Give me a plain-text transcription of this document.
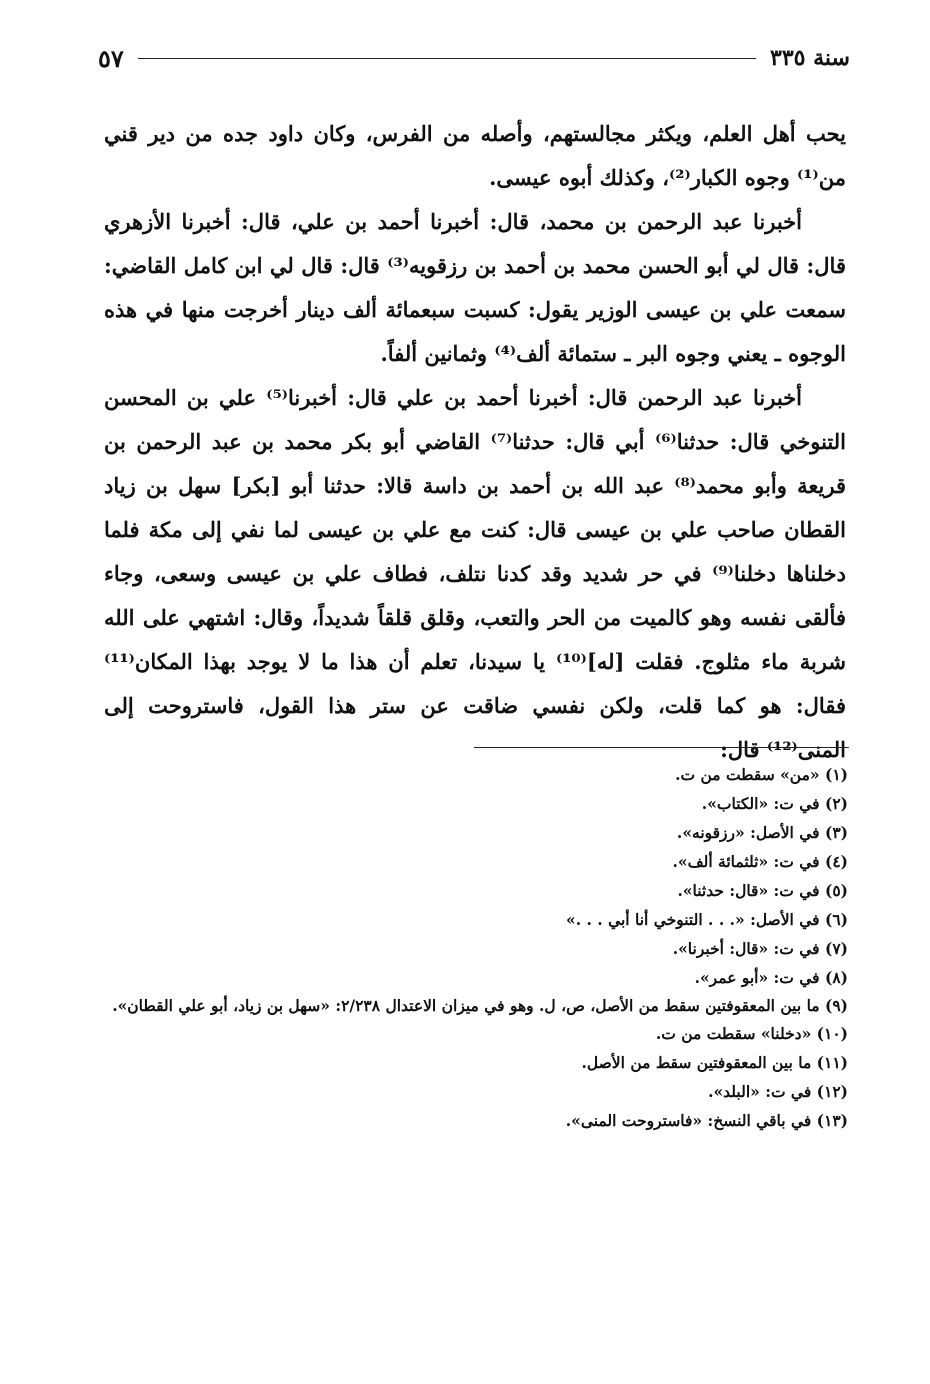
سنة ٣٣٥
٥٧

يحب أهل العلم، ويكثر مجالستهم، وأصله من الفرس، وكان داود جده من دير قني من⁽¹⁾ وجوه الكبار⁽²⁾، وكذلك أبوه عيسى.

أخبرنا عبد الرحمن بن محمد، قال: أخبرنا أحمد بن علي، قال: أخبرنا الأزهري قال: قال لي أبو الحسن محمد بن أحمد بن رزقويه⁽³⁾ قال: قال لي ابن كامل القاضي: سمعت علي بن عيسى الوزير يقول: كسبت سبعمائة ألف دينار أخرجت منها في هذه الوجوه ـ يعني وجوه البر ـ ستمائة ألف⁽⁴⁾ وثمانين ألفاً.

أخبرنا عبد الرحمن قال: أخبرنا أحمد بن علي قال: أخبرنا⁽⁵⁾ علي بن المحسن التنوخي قال: حدثنا⁽⁶⁾ أبي قال: حدثنا⁽⁷⁾ القاضي أبو بكر محمد بن عبد الرحمن بن قريعة وأبو محمد⁽⁸⁾ عبد الله بن أحمد بن داسة قالا: حدثنا أبو [بكر] سهل بن زياد القطان صاحب علي بن عيسى قال: كنت مع علي بن عيسى لما نفي إلى مكة فلما دخلناها دخلنا⁽⁹⁾ في حر شديد وقد كدنا نتلف، فطاف علي بن عيسى وسعى، وجاء فألقى نفسه وهو كالميت من الحر والتعب، وقلق قلقاً شديداً، وقال: اشتهي على الله شربة ماء مثلوج. فقلت [له]⁽¹⁰⁾ يا سيدنا، تعلم أن هذا ما لا يوجد بهذا المكان⁽¹¹⁾ فقال: هو كما قلت، ولكن نفسي ضاقت عن ستر هذا القول، فاستروحت إلى المنى⁽¹²⁾ قال:

(١) «من» سقطت من ت.

(٢) في ت: «الكتاب».

(٣) في الأصل: «رزقونه».

(٤) في ت: «ثلثمائة ألف».

(٥) في ت: «قال: حدثنا».

(٦) في الأصل: «. . . التنوخي أنا أبي . . .»

(٧) في ت: «قال: أخبرنا».

(٨) في ت: «أبو عمر».

(٩) ما بين المعقوفتين سقط من الأصل، ص، ل. وهو في ميزان الاعتدال ٢/٢٣٨: «سهل بن زياد، أبو علي القطان».

(١٠) «دخلنا» سقطت من ت.

(١١) ما بين المعقوفتين سقط من الأصل.

(١٢) في ت: «البلد».

(١٣) في باقي النسخ: «فاستروحت المنى».
